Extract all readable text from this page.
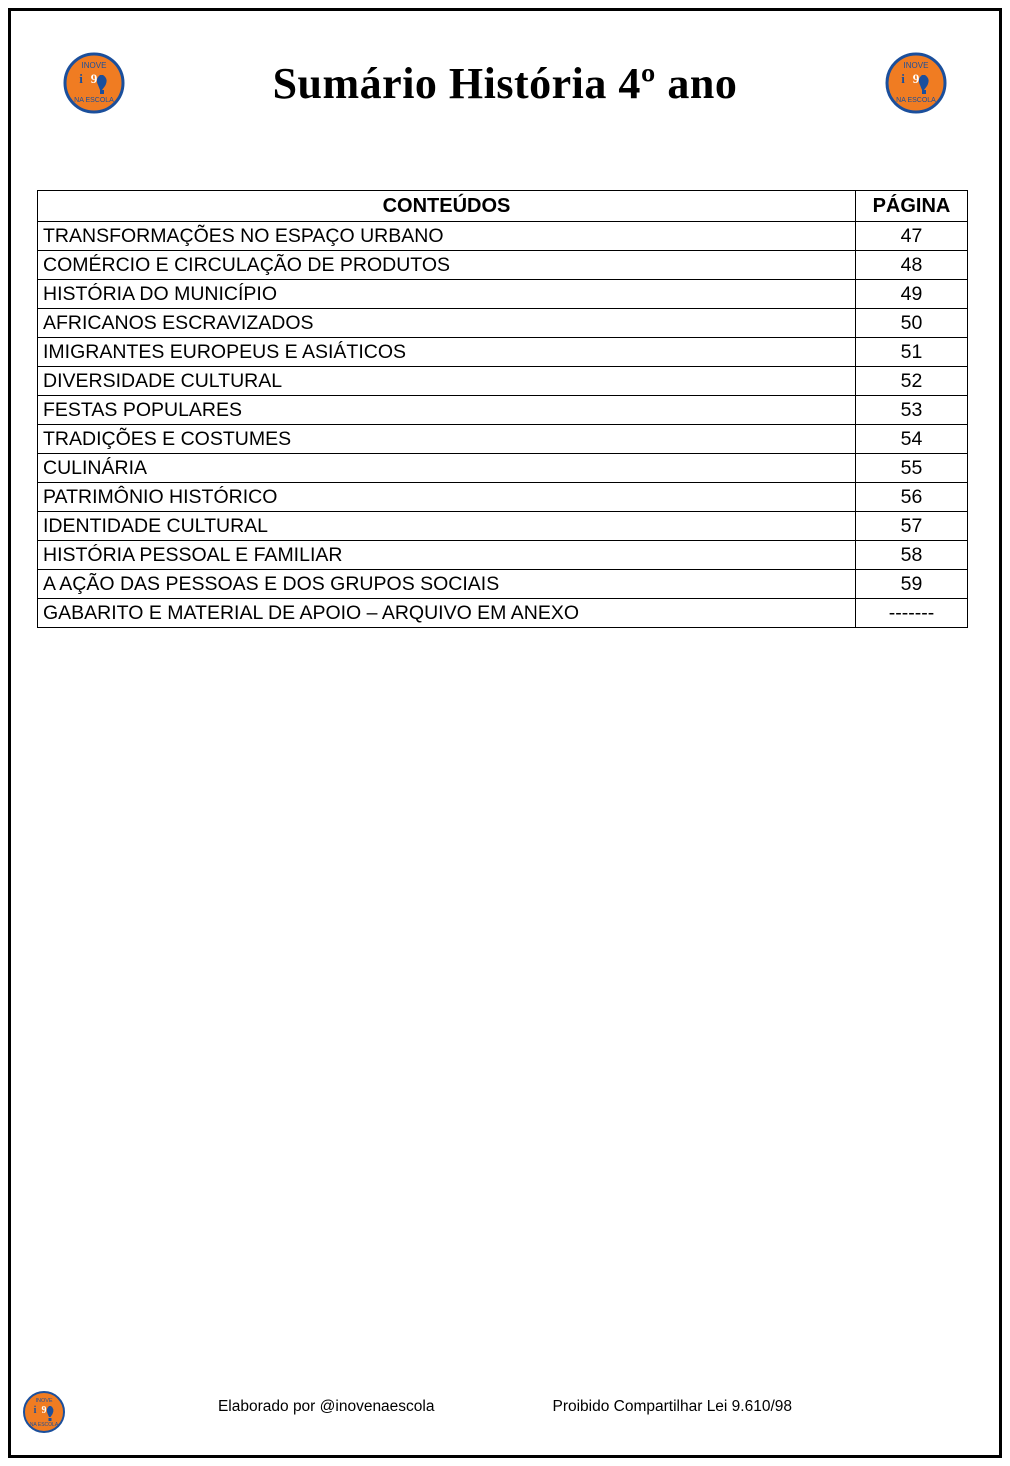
INOVE
i 9
NA ESCOLA	Sumário História 4º ano	INOVE
i 9
NA ESCOLA
CONTEÚDOS	PÁGINA
TRANSFORMAÇÕES NO ESPAÇO URBANO	47
COMÉRCIO E CIRCULAÇÃO DE PRODUTOS	48
HISTÓRIA DO MUNICÍPIO	49
AFRICANOS ESCRAVIZADOS	50
IMIGRANTES EUROPEUS E ASIÁTICOS	51
DIVERSIDADE CULTURAL	52
FESTAS POPULARES	53
TRADIÇÕES E COSTUMES	54
CULINÁRIA	55
PATRIMÔNIO HISTÓRICO	56
IDENTIDADE CULTURAL	57
HISTÓRIA PESSOAL E FAMILIAR	58
A AÇÃO DAS PESSOAS E DOS GRUPOS SOCIAIS	59
GABARITO E MATERIAL DE APOIO – ARQUIVO EM ANEXO	-------
INOVE
i 9
NA ESCOLA
Elaborado por @inovenaescola	Proibido Compartilhar Lei 9.610/98
